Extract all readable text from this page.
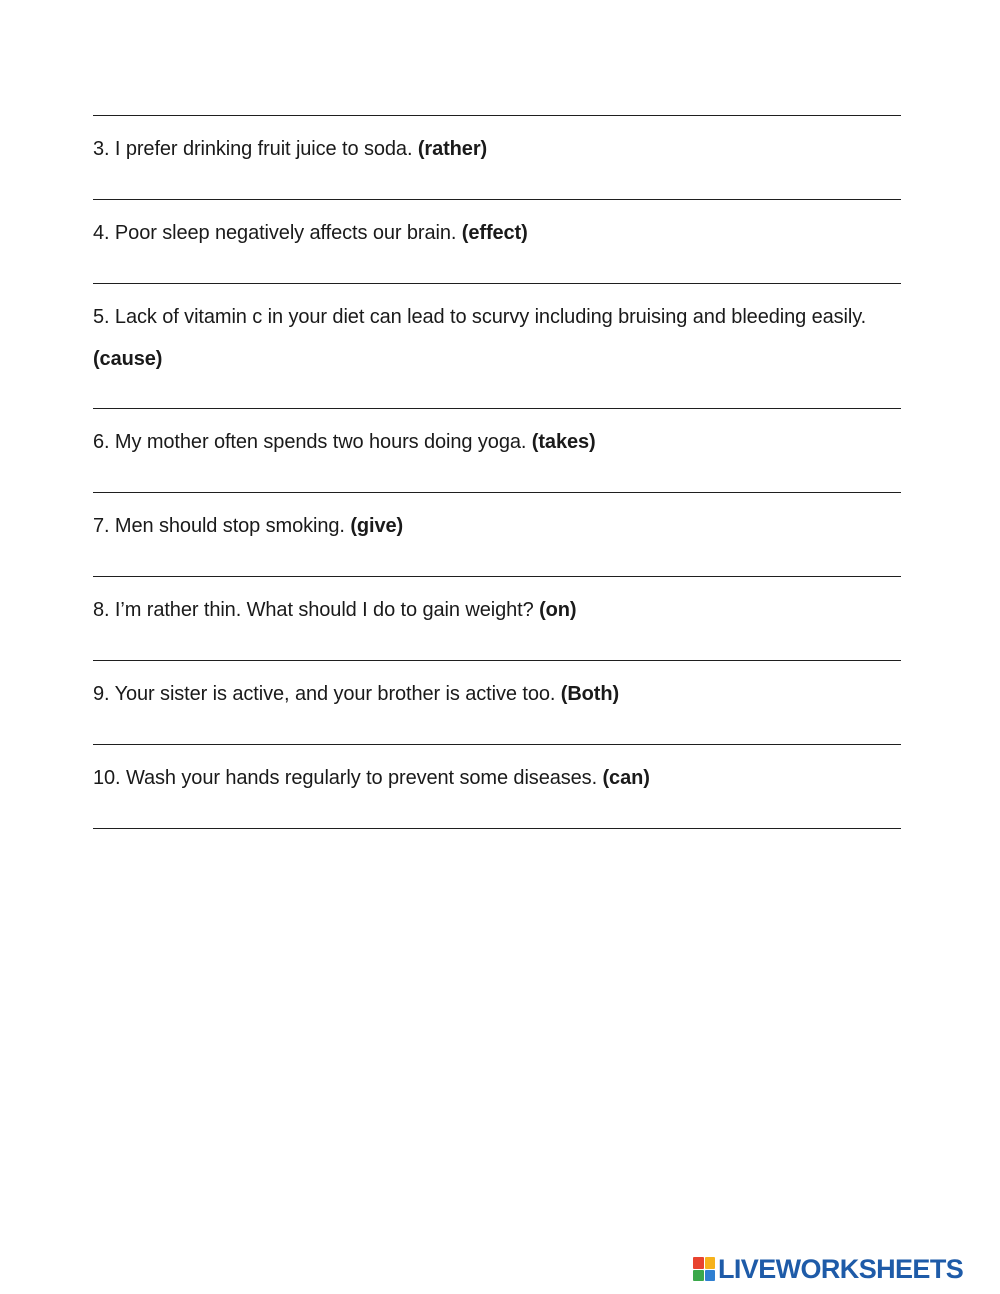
3. I prefer drinking fruit juice to soda. (rather)
4. Poor sleep negatively affects our brain. (effect)
5. Lack of vitamin c in your diet can lead to scurvy including bruising and bleeding easily.
(cause)
6. My mother often spends two hours doing yoga. (takes)
7. Men should stop smoking. (give)
8. I’m rather thin. What should I do to gain weight? (on)
9. Your sister is active, and your brother is active too. (Both)
10. Wash your hands regularly to prevent some diseases. (can)
LIVEWORKSHEETS
